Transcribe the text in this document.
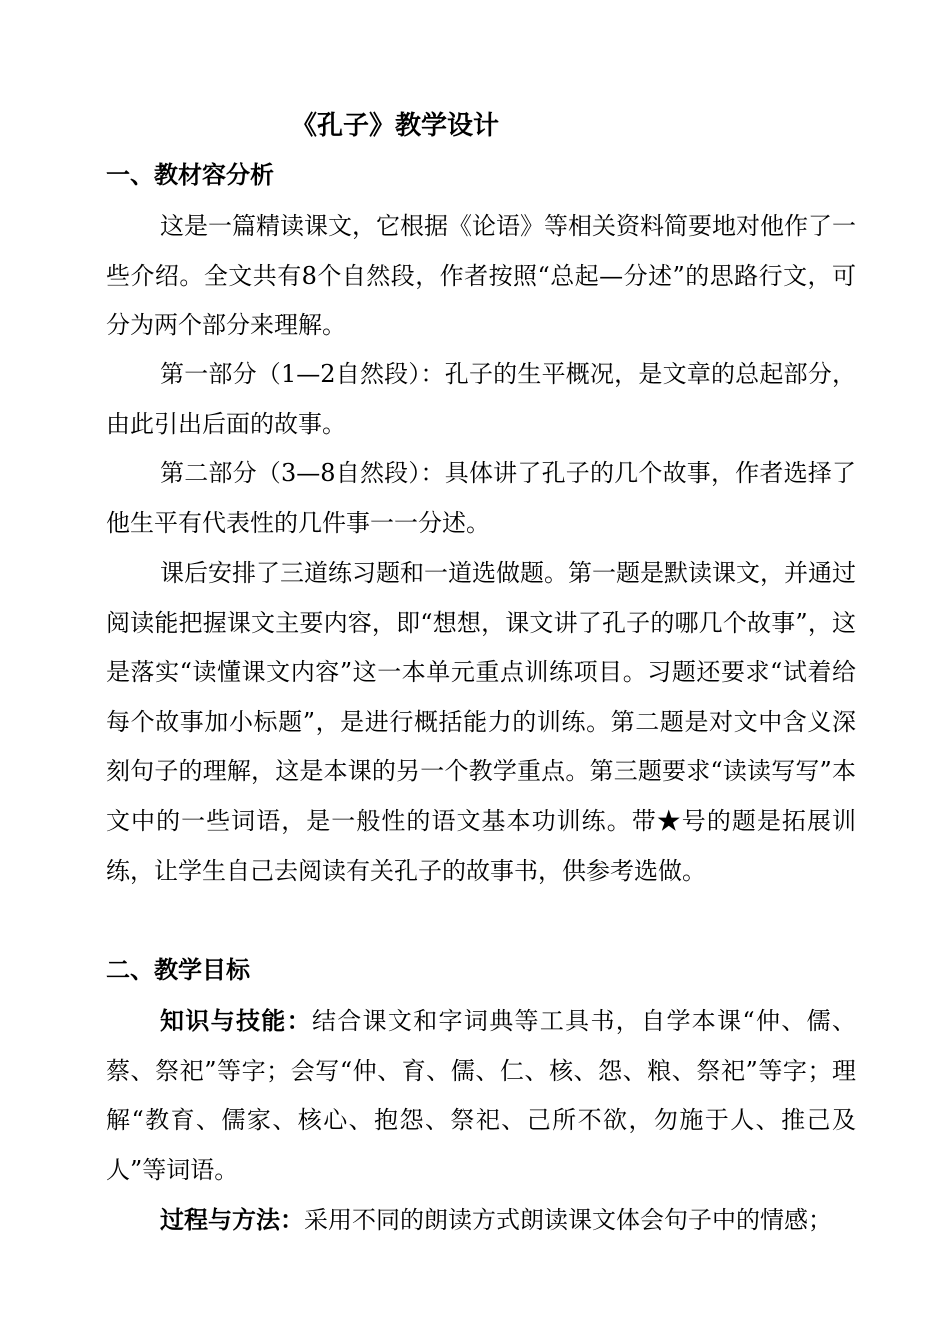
《孔子》教学设计
一、教材容分析

这是一篇精读课文，它根据《论语》等相关资料简要地对他作了一些介绍。全文共有8个自然段，作者按照“总起—分述”的思路行文，可分为两个部分来理解。

第一部分（1—2自然段）：孔子的生平概况，是文章的总起部分，由此引出后面的故事。

第二部分（3—8自然段）：具体讲了孔子的几个故事，作者选择了他生平有代表性的几件事一一分述。

课后安排了三道练习题和一道选做题。第一题是默读课文，并通过阅读能把握课文主要内容，即“想想，课文讲了孔子的哪几个故事”，这是落实“读懂课文内容”这一本单元重点训练项目。习题还要求“试着给每个故事加小标题”，是进行概括能力的训练。第二题是对文中含义深刻句子的理解，这是本课的另一个教学重点。第三题要求“读读写写”本文中的一些词语，是一般性的语文基本功训练。带★号的题是拓展训练，让学生自己去阅读有关孔子的故事书，供参考选做。

二、教学目标

知识与技能：结合课文和字词典等工具书，自学本课“仲、儒、蔡、祭祀”等字；会写“仲、育、儒、仁、核、怨、粮、祭祀”等字；理解“教育、儒家、核心、抱怨、祭祀、己所不欲，勿施于人、推己及人”等词语。

过程与方法：采用不同的朗读方式朗读课文体会句子中的情感；
